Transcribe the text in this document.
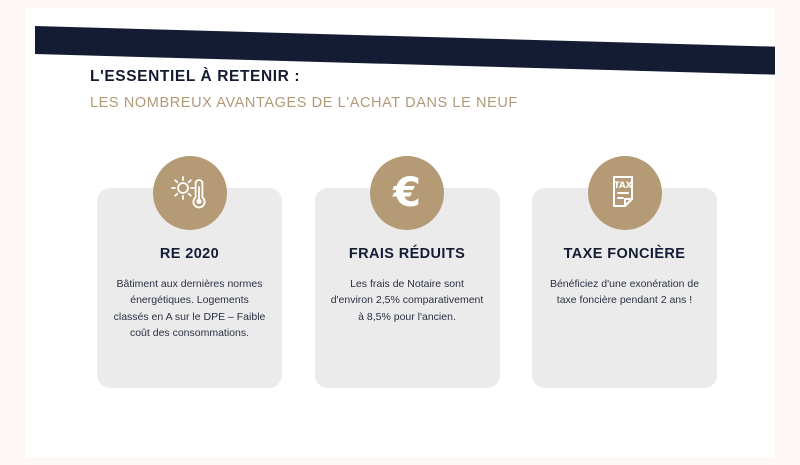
L'ESSENTIEL À RETENIR :

LES NOMBREUX AVANTAGES DE L'ACHAT DANS LE NEUF

RE 2020

Bâtiment aux dernières normes énergétiques. Logements classés en A sur le DPE – Faible coût des consommations.

€

FRAIS RÉDUITS

Les frais de Notaire sont d'environ 2,5% comparativement à 8,5% pour l'ancien.

TAX

TAXE FONCIÈRE

Bénéficiez d'une exonération de taxe foncière pendant 2 ans !
